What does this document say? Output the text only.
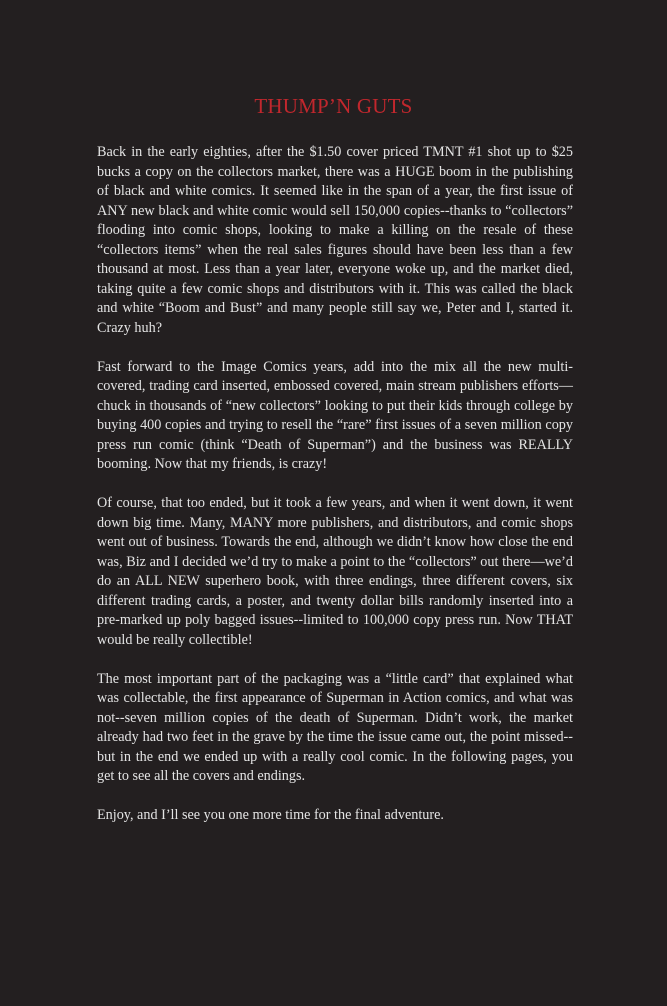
THUMP’N GUTS

Back in the early eighties, after the $1.50 cover priced TMNT #1 shot up to $25 bucks a copy on the collectors market, there was a HUGE boom in the publishing of black and white comics. It seemed like in the span of a year, the first issue of ANY new black and white comic would sell 150,000 copies--thanks to “collectors” flooding into comic shops, looking to make a killing on the resale of these “collectors items” when the real sales figures should have been less than a few thousand at most. Less than a year later, everyone woke up, and the market died, taking quite a few comic shops and distributors with it. This was called the black and white “Boom and Bust” and many people still say we, Peter and I, started it. Crazy huh?

Fast forward to the Image Comics years, add into the mix all the new multi-covered, trading card inserted, embossed covered, main stream publishers efforts—chuck in thousands of “new collectors” looking to put their kids through college by buying 400 copies and trying to resell the “rare” first issues of a seven million copy press run comic (think “Death of Superman”) and the business was REALLY booming. Now that my friends, is crazy!

Of course, that too ended, but it took a few years, and when it went down, it went down big time. Many, MANY more publishers, and distributors, and comic shops went out of business. Towards the end, although we didn’t know how close the end was, Biz and I decided we’d try to make a point to the “collectors” out there—we’d do an ALL NEW superhero book, with three endings, three different covers, six different trading cards, a poster, and twenty dollar bills randomly inserted into a pre-marked up poly bagged issues--limited to 100,000 copy press run. Now THAT would be really collectible!

The most important part of the packaging was a “little card” that explained what was collectable, the first appearance of Superman in Action comics, and what was not--seven million copies of the death of Superman. Didn’t work, the market already had two feet in the grave by the time the issue came out, the point missed--but in the end we ended up with a really cool comic. In the following pages, you get to see all the covers and endings.

Enjoy, and I’ll see you one more time for the final adventure.
